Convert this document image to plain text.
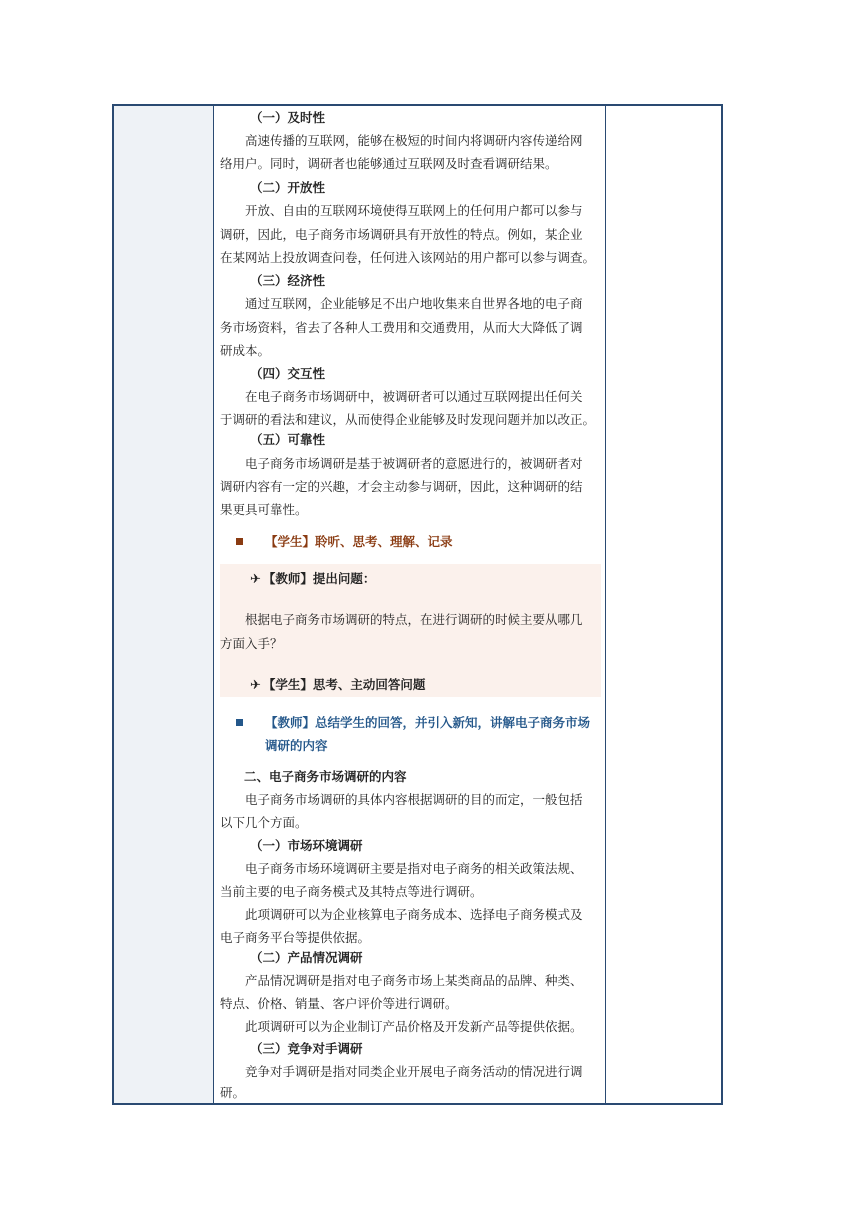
（一）及时性
高速传播的互联网，能够在极短的时间内将调研内容传递给网
络用户。同时，调研者也能够通过互联网及时查看调研结果。
（二）开放性
开放、自由的互联网环境使得互联网上的任何用户都可以参与
调研，因此，电子商务市场调研具有开放性的特点。例如，某企业
在某网站上投放调查问卷，任何进入该网站的用户都可以参与调查。
（三）经济性
通过互联网，企业能够足不出户地收集来自世界各地的电子商
务市场资料，省去了各种人工费用和交通费用，从而大大降低了调
研成本。
（四）交互性
在电子商务市场调研中，被调研者可以通过互联网提出任何关
于调研的看法和建议，从而使得企业能够及时发现问题并加以改正。
（五）可靠性
电子商务市场调研是基于被调研者的意愿进行的，被调研者对
调研内容有一定的兴趣，才会主动参与调研，因此，这种调研的结
果更具可靠性。
【学生】聆听、思考、理解、记录
✈ 【教师】提出问题：
根据电子商务市场调研的特点，在进行调研的时候主要从哪几
方面入手？
✈ 【学生】思考、主动回答问题
【教师】总结学生的回答，并引入新知，讲解电子商务市场
调研的内容
二、电子商务市场调研的内容
电子商务市场调研的具体内容根据调研的目的而定，一般包括
以下几个方面。
（一）市场环境调研
电子商务市场环境调研主要是指对电子商务的相关政策法规、
当前主要的电子商务模式及其特点等进行调研。
此项调研可以为企业核算电子商务成本、选择电子商务模式及
电子商务平台等提供依据。
（二）产品情况调研
产品情况调研是指对电子商务市场上某类商品的品牌、种类、
特点、价格、销量、客户评价等进行调研。
此项调研可以为企业制订产品价格及开发新产品等提供依据。
（三）竞争对手调研
竞争对手调研是指对同类企业开展电子商务活动的情况进行调
研。
